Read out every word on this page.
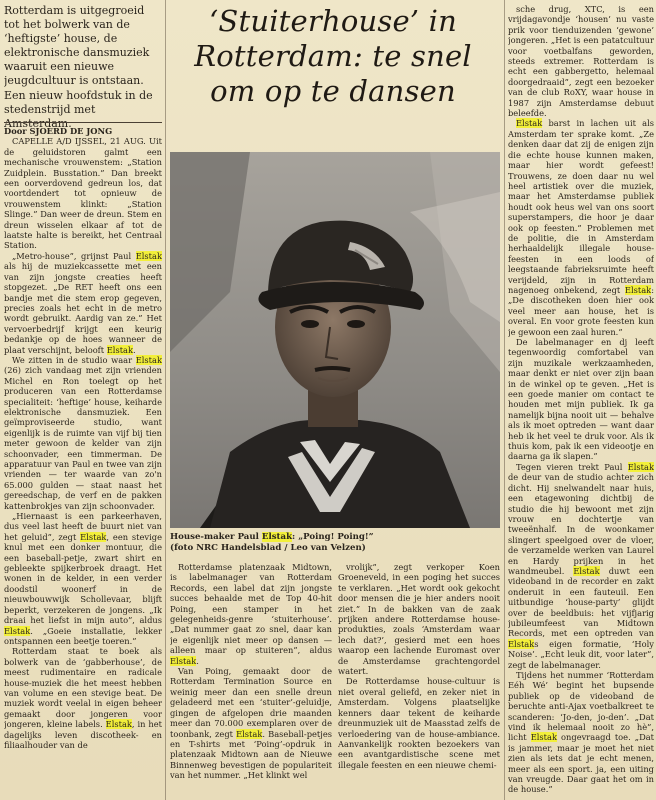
Rotterdam is uitgegroeid tot het bolwerk van de ‘heftigste’ house, de elektronische dansmuziek waaruit een nieuwe jeugdcultuur is ontstaan. Een nieuw hoofdstuk in de stedenstrijd met Amsterdam.

Door SJOERD DE JONG

CAPELLE A/D IJSSEL, 21 AUG. Uit de geluidstoren galmt een mechanische vrouwenstem: „Station Zuidplein. Busstation.” Dan breekt een oorverdovend gedreun los, dat voortdendert tot opnieuw de vrouwenstem klinkt: „Station Slinge.” Dan weer de dreun. Stem en dreun wisselen elkaar af tot de laatste halte is bereikt, het Centraal Station.

„Metro-house”, grijnst Paul Elstak als hij de muziekcassette met een van zijn jongste creaties heeft stopgezet. „De RET heeft ons een bandje met die stem erop gegeven, precies zoals het echt in de metro wordt gebruikt. Aardig van ze.” Het vervoerbedrijf krijgt een keurig bedankje op de hoes wanneer de plaat verschijnt, belooft Elstak.

We zitten in de studio waar Elstak (26) zich vandaag met zijn vrienden Michel en Ron toelegt op het produceren van een Rotterdamse specialiteit: ‘heftige’ house, keiharde elektronische dansmuziek. Een geïmproviseerde studio, want eigenlijk is de ruimte van vijf bij tien meter gewoon de kelder van zijn schoonvader, een timmerman. De apparatuur van Paul en twee van zijn vrienden — ter waarde van zo'n 65.000 gulden — staat naast het gereedschap, de verf en de pakken kattenbrokjes van zijn schoonvader.

„Hiernaast is een parkeerhaven, dus veel last heeft de buurt niet van het geluid”, zegt Elstak, een stevige knul met een donker montuur, die een baseball-petje, zwart shirt en gebleekte spijkerbroek draagt. Het wonen in de kelder, in een verder doodstil woonerf in de nieuwbouwwijk Schollevaar, blijft beperkt, verzekeren de jongens. „Ik draai het liefst in mijn auto”, aldus Elstak. „Goeie installatie, lekker ontspannen een beetje toeren.”

Rotterdam staat te boek als bolwerk van de ‘gabberhouse’, de meest rudimentaire en radicale house-muziek die het meest hebben van volume en een stevige beat. De muziek wordt veelal in eigen beheer gemaakt door jongeren voor jongeren, kleine labels. Elstak, in het dagelijks leven discotheek- en filiaalhouder van de

‘Stuiterhouse’ in Rotterdam: te snel om op te dansen
House-maker Paul Elstak: „Poing! Poing!”
(foto NRC Handelsblad / Leo van Velzen)

Rotterdamse platenzaak Midtown, is labelmanager van Rotterdam Records, een label dat zijn jongste succes behaalde met de Top 40-hit Poing, een stamper in het gelegenheids-genre ‘stuiterhouse’. „Dat nummer gaat zo snel, daar kan je eigenlijk niet meer op dansen — alleen maar op stuiteren”, aldus Elstak.

Van Poing, gemaakt door de Rotterdam Termination Source en weinig meer dan een snelle dreun geladeerd met een ‘stuiter’-geluidje, gingen de afgelopen drie maanden meer dan 70.000 exemplaren over de toonbank, zegt Elstak. Baseball-petjes en T-shirts met ‘Poing’-opdruk in platenzaak Midtown aan de Nieuwe Binnenweg bevestigen de populariteit van het nummer. „Het klinkt wel

vrolijk”, zegt verkoper Koen Groeneveld, in een poging het succes te verklaren. „Het wordt ook gekocht door mensen die je hier anders nooit ziet.” In de bakken van de zaak prijken andere Rotterdamse house-produkties, zoals ‘Amsterdam waar lech dat?’, gesierd met een hoes waarop een lachende Euromast over de Amsterdamse grachtengordel watert.

De Rotterdamse house-cultuur is niet overal geliefd, en zeker niet in Amsterdam. Volgens plaatselijke kenners daar tekent de keiharde dreunmuziek uit de Maasstad zelfs de verloedering van de house-ambiance. Aanvankelijk rookten bezoekers van een avantgardistische scene met illegale feesten en een nieuwe chemi-

sche drug, XTC, is een vrijdagavondje ‘housen’ nu vaste prik voor tienduizenden ‘gewone’ jongeren. „Het is een patatcultuur voor voetbalfans geworden, steeds extremer. Rotterdam is echt een gabbergetto, helemaal doorgedraaid”, zegt een bezoeker van de club RoXY, waar house in 1987 zijn Amsterdamse debuut beleefde.

Elstak barst in lachen uit als Amsterdam ter sprake komt. „Ze denken daar dat zij de enigen zijn die echte house kunnen maken, maar hier wordt gefeest! Trouwens, ze doen daar nu wel heel artistiek over die muziek, maar het Amsterdamse publiek houdt ook heus wel van ons soort superstampers, die hoor je daar ook op feesten.” Problemen met de politie, die in Amsterdam herhaaldelijk illegale house-feesten in een loods of leegstaande fabrieksruimte heeft verijdeld, zijn in Rotterdam nagenoeg onbekend, zegt Elstak: „De discotheken doen hier ook veel meer aan house, het is overal. En voor grote feesten kun je gewoon een zaal huren.”

De labelmanager en dj leeft tegenwoordig comfortabel van zijn muzikale werkzaamheden, maar denkt er niet over zijn baan in de winkel op te geven. „Het is een goede manier om contact te houden met mijn publiek. Ik ga namelijk bijna nooit uit — behalve als ik moet optreden — want daar heb ik het veel te druk voor. Als ik thuis kom, pak ik een videootje en daarna ga ik slapen.”

Tegen vieren trekt Paul Elstak de deur van de studio achter zich dicht. Hij snelwandelt naar huis, een etagewoning dichtbij de studio die hij bewoont met zijn vrouw en dochtertje van tweeënhalf. In de woonkamer slingert speelgoed over de vloer, de verzamelde werken van Laurel en Hardy prijken in het wandmeubel. Elstak duwt een videoband in de recorder en zakt onderuit in een fauteuil. Een uitbundige ‘house-party’ glijdt over de beeldbuis: het vijfjarig jubileumfeest van Midtown Records, met een optreden van Elstaks eigen formatie, ‘Holy Noise’. „Echt leuk dit, voor later”, zegt de labelmanager.

Tijdens het nummer ‘Rotterdam Eéh Wé’ begint het bupsende publiek op de videoband de beruchte anti-Ajax voetbalkreet te scanderen: ‘Jo-den, jo-den’. „Dat vind ik helemaal nooit zo hè”, licht Elstak ongevraagd toe. „Dat is jammer, maar je moet het niet zien als iets dat je echt menen, meer als een sport. ja, een uiting van vreugde. Daar gaat het om in de house.”
